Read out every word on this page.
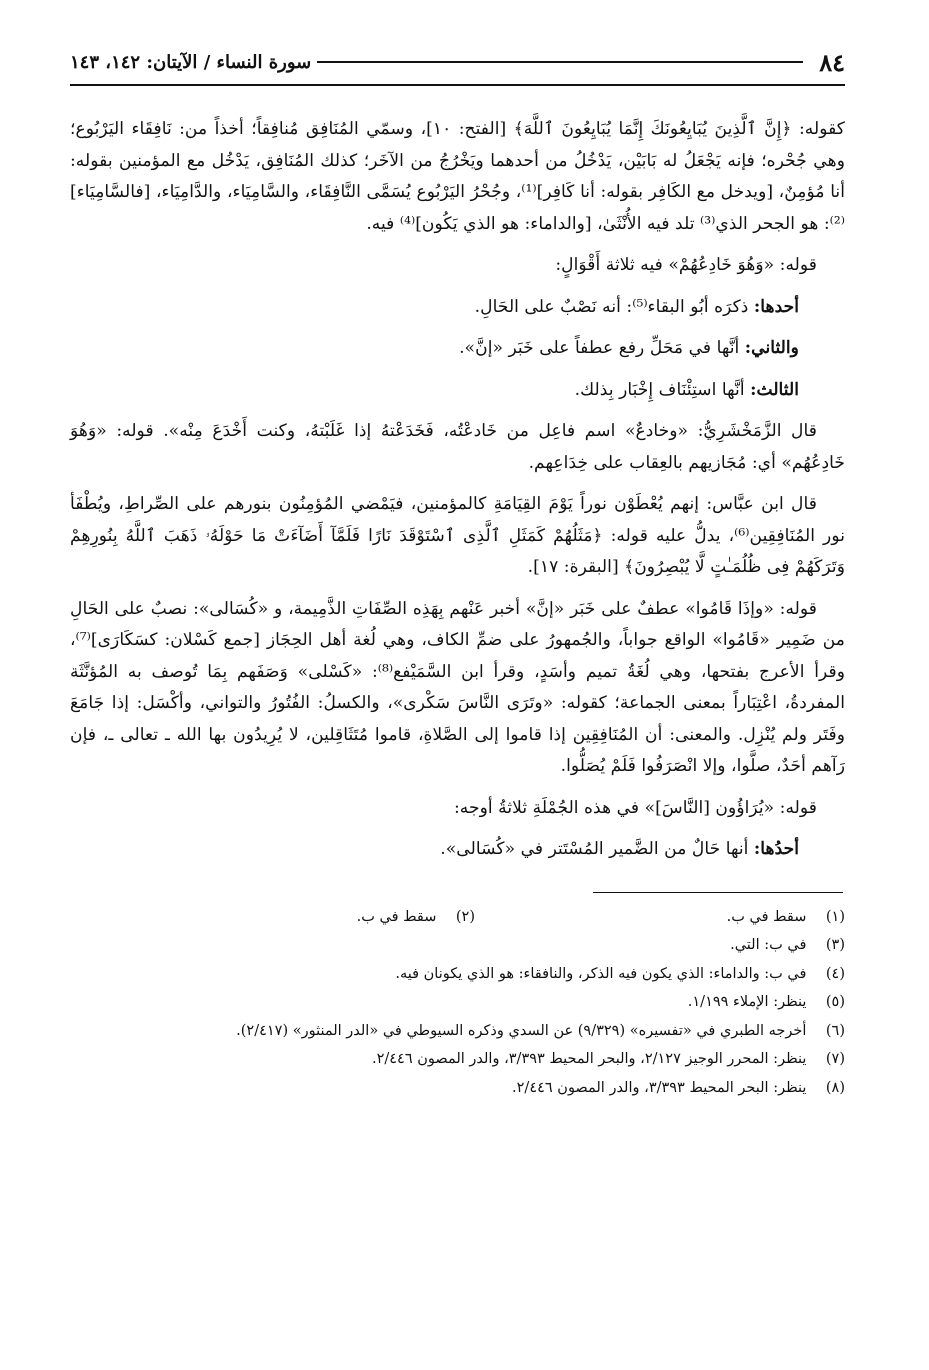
٨٤
سورة النساء / الآيتان: ١٤٢، ١٤٣

كقوله: ﴿إِنَّ ٱلَّذِينَ يُبَايِعُونَكَ إِنَّمَا يُبَايِعُونَ ٱللَّهَ﴾ [الفتح: ١٠]، وسمّي المُنَافِق مُنافِقاً؛ أخذاً من: نَافِقَاء اليَرْبُوع؛ وهي جُحْره؛ فإنه يَجْعَلُ له بَابَيْن، يَدْخُلُ من أحدهما ويَخْرُجُ من الآخَر؛ كذلك المُنَافِق، يَدْخُل مع المؤمنين بقوله: أنا مُؤمِنٌ، [ويدخل مع الكَافِر بقوله: أنا كَافِر]⁽¹⁾، وجُحْرُ اليَرْبُوع يُسَمَّى النَّافِقَاء، والسَّامِيَاء، والدَّامِيَاء، [فالسَّامِيَاء]⁽²⁾: هو الجحر الذي⁽³⁾ تلد فيه الأُنْثَىٰ، [والداماء: هو الذي يَكُون]⁽⁴⁾ فيه.

قوله: «وَهُوَ خَادِعُهُمْ» فيه ثلاثة أَقْوَالٍ:

أحدها: ذكرَه أبُو البقاء⁽⁵⁾: أنه نَصْبٌ على الحَالِ.

والثاني: أنَّها في مَحَلِّ رفع عطفاً على خَبَر «إنَّ».

الثالث: أنَّها استِئْنَاف إِخْبَار بِذلك.

قال الزَّمَخْشَرِيُّ: «وخادعٌ» اسم فاعِل من خَادعْتُه، فَخَدَعْتهُ إذا غَلَبْتهُ، وكنت أَخْدَعَ مِنْه». قوله: «وَهُوَ خَادِعُهُم» أي: مُجَازيهم بالعِقاب على خِدَاعِهم.

قال ابن عبَّاس: إنهم يُعْطَوْن نوراً يَوْمَ القِيَامَةِ كالمؤمنين، فيَمْضي المُؤمِنُون بنورهم على الصِّراطِ، ويُطْفَأ نور المُنَافِقِين⁽⁶⁾، يدلُّ عليه قوله: ﴿مَثَلُهُمْ كَمَثَلِ ٱلَّذِى ٱسْتَوْقَدَ نَارًا فَلَمَّآ أَضَآءَتْ مَا حَوْلَهُۥ ذَهَبَ ٱللَّهُ بِنُورِهِمْ وَتَرَكَهُمْ فِى ظُلُمَـٰتٍ لَّا يُبْصِرُونَ﴾ [البقرة: ١٧].

قوله: «وإذَا قَامُوا» عطفٌ على خَبَر «إنَّ» أخبر عَنْهم بِهَذِه الصِّفَاتِ الذَّمِيمة، و «كُسَالى»: نصبٌ على الحَالِ من ضَمِير «قَامُوا» الواقع جواباً، والجُمهورُ على ضمِّ الكاف، وهي لُغة أهل الحِجَاز [جمع كَسْلان: كسَكَارَى]⁽⁷⁾، وقرأ الأعرج بفتحها، وهي لُغَةُ تميم وأسَدٍ، وقرأ ابن السَّمَيْفع⁽⁸⁾: «كَسْلى» وَصَفَهم بِمَا تُوصف به المُؤنَّثَة المفردةُ، اعْتِبَاراً بمعنى الجماعة؛ كقوله: «وتَرَى النَّاسَ سَكْرى»، والكسلُ: الفُتُورُ والتواني، وأكْسَل: إذا جَامَعَ وفَتَر ولم يُنْزِل. والمعنى: أن المُنَافِقِين إذا قاموا إلى الصَّلاةِ، قاموا مُتَثَاقِلين، لا يُرِيدُون بها الله ـ تعالى ـ، فإن رَآهم أحَدٌ، صلَّوا، وإلا انْصَرَفُوا فَلَمْ يُصَلُّوا.

قوله: «يُرَاؤُون [النَّاسَ]» في هذه الجُمْلَةِ ثلاثةُ أوجه:

أحدُها: أنها حَالٌ من الضَّمير المُسْتَتر في «كُسَالى».

(١) سقط في ب.
(٢) سقط في ب.
(٣) في ب: التي.
(٤) في ب: والداماء: الذي يكون فيه الذكر، والنافقاء: هو الذي يكونان فيه.
(٥) ينظر: الإملاء ١/١٩٩.
(٦) أخرجه الطبري في «تفسيره» (٩/٣٢٩) عن السدي وذكره السيوطي في «الدر المنثور» (٢/٤١٧).
(٧) ينظر: المحرر الوجيز ٢/١٢٧، والبحر المحيط ٣/٣٩٣، والدر المصون ٢/٤٤٦.
(٨) ينظر: البحر المحيط ٣/٣٩٣، والدر المصون ٢/٤٤٦.
